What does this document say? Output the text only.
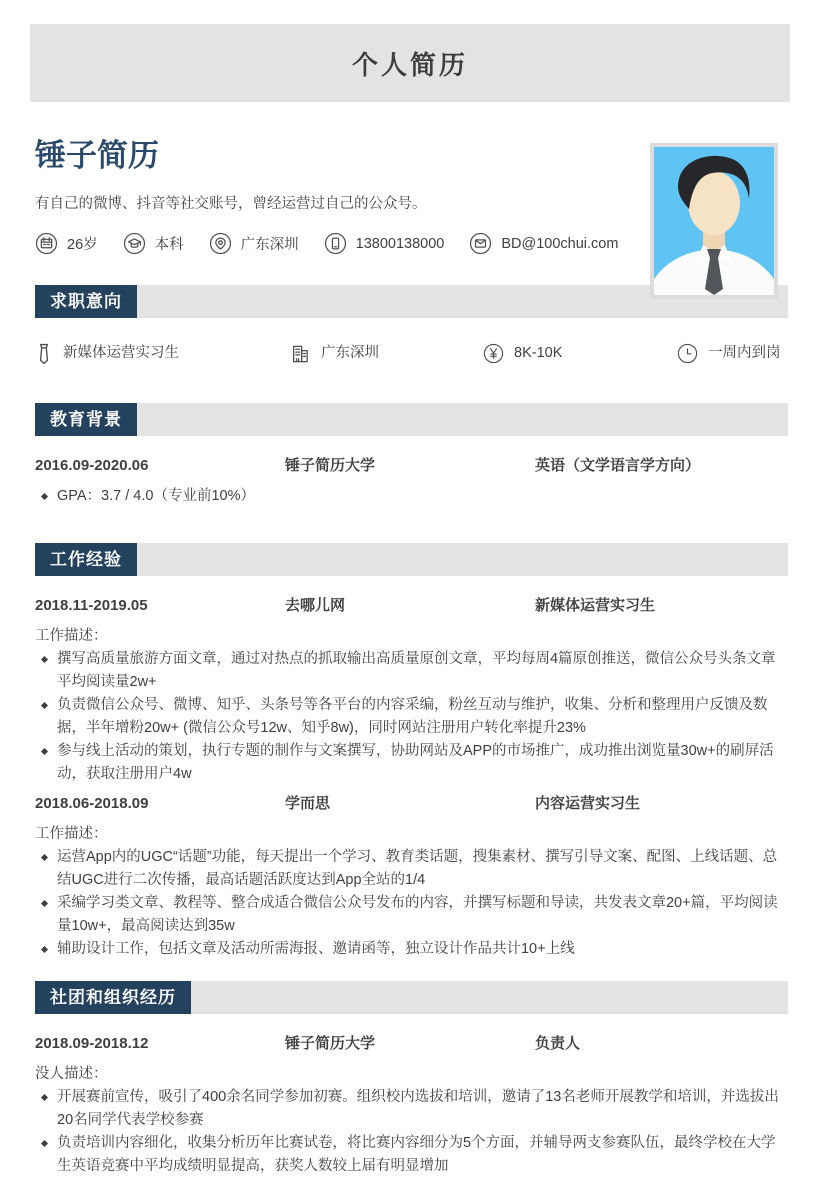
个人简历
锤子简历

有自己的微博、抖音等社交账号，曾经运营过自己的公众号。

26岁	本科	广东深圳	13800138000	BD@100chui.com
求职意向
新媒体运营实习生	广东深圳	8K-10K	一周内到岗
教育背景
2016.09-2020.06	锤子简历大学	英语（文学语言学方向）
GPA：3.7 / 4.0（专业前10%）
工作经验
2018.11-2019.05	去哪儿网	新媒体运营实习生
工作描述：
撰写高质量旅游方面文章，通过对热点的抓取输出高质量原创文章，平均每周4篇原创推送，微信公众号头条文章平均阅读量2w+
负责微信公众号、微博、知乎、头条号等各平台的内容采编，粉丝互动与维护，收集、分析和整理用户反馈及数据，半年增粉20w+ (微信公众号12w、知乎8w)，同时网站注册用户转化率提升23%
参与线上活动的策划，执行专题的制作与文案撰写，协助网站及APP的市场推广，成功推出浏览量30w+的刷屏活动，获取注册用户4w
2018.06-2018.09	学而思	内容运营实习生
工作描述：
运营App内的UGC“话题”功能，每天提出一个学习、教育类话题，搜集素材、撰写引导文案、配图、上线话题、总结UGC进行二次传播，最高话题活跃度达到App全站的1/4
采编学习类文章、教程等、整合成适合微信公众号发布的内容，并撰写标题和导读，共发表文章20+篇，平均阅读量10w+，最高阅读达到35w
辅助设计工作，包括文章及活动所需海报、邀请函等，独立设计作品共计10+上线
社团和组织经历
2018.09-2018.12	锤子简历大学	负责人
没人描述：
开展赛前宣传，吸引了400余名同学参加初赛。组织校内选拔和培训，邀请了13名老师开展教学和培训，并选拔出20名同学代表学校参赛
负责培训内容细化，收集分析历年比赛试卷，将比赛内容细分为5个方面，并辅导两支参赛队伍，最终学校在大学生英语竞赛中平均成绩明显提高，获奖人数较上届有明显增加
